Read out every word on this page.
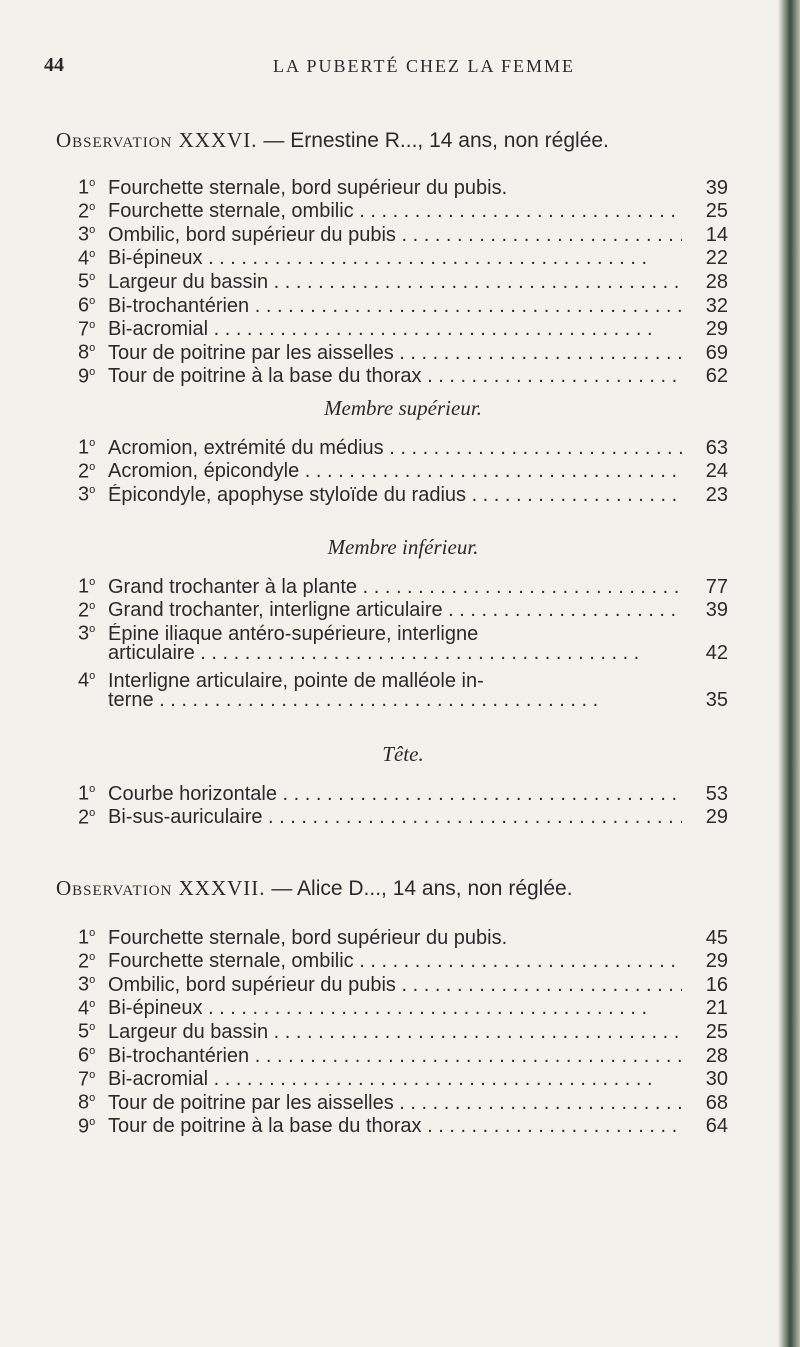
44	LA PUBERTÉ CHEZ LA FEMME
Observation XXXVI. — Ernestine R..., 14 ans, non réglée.
1$^o$ Fourchette sternale, bord supérieur du pubis.	39
2$^o$ Fourchette sternale, ombilic . . .	25
3$^o$ Ombilic, bord supérieur du pubis . . .	14
4$^o$ Bi-épineux . . .	22
5$^o$ Largeur du bassin . . .	28
6$^o$ Bi-trochantérien . . .	32
7$^o$ Bi-acromial . . .	29
8$^o$ Tour de poitrine par les aisselles . . .	69
9$^o$ Tour de poitrine à la base du thorax . . .	62
Membre supérieur.
1$^o$ Acromion, extrémité du médius . . .	63
2$^o$ Acromion, épicondyle . . .	24
3$^o$ Épicondyle, apophyse styloïde du radius . . .	23
Membre inférieur.
1$^o$ Grand trochanter à la plante . . .	77
2$^o$ Grand trochanter, interligne articulaire . . .	39
3$^o$ Épine iliaque antéro-supérieure, interligne
articulaire . . .	42
4$^o$ Interligne articulaire, pointe de malléole in-
terne . . .	35
Tête.
1$^o$ Courbe horizontale . . .	53
2$^o$ Bi-sus-auriculaire . . .	29
Observation XXXVII. — Alice D..., 14 ans, non réglée.
1$^o$ Fourchette sternale, bord supérieur du pubis.	45
2$^o$ Fourchette sternale, ombilic . . .	29
3$^o$ Ombilic, bord supérieur du pubis . . .	16
4$^o$ Bi-épineux . . .	21
5$^o$ Largeur du bassin . . .	25
6$^o$ Bi-trochantérien . . .	28
7$^o$ Bi-acromial . . .	30
8$^o$ Tour de poitrine par les aisselles . . .	68
9$^o$ Tour de poitrine à la base du thorax . . .	64
